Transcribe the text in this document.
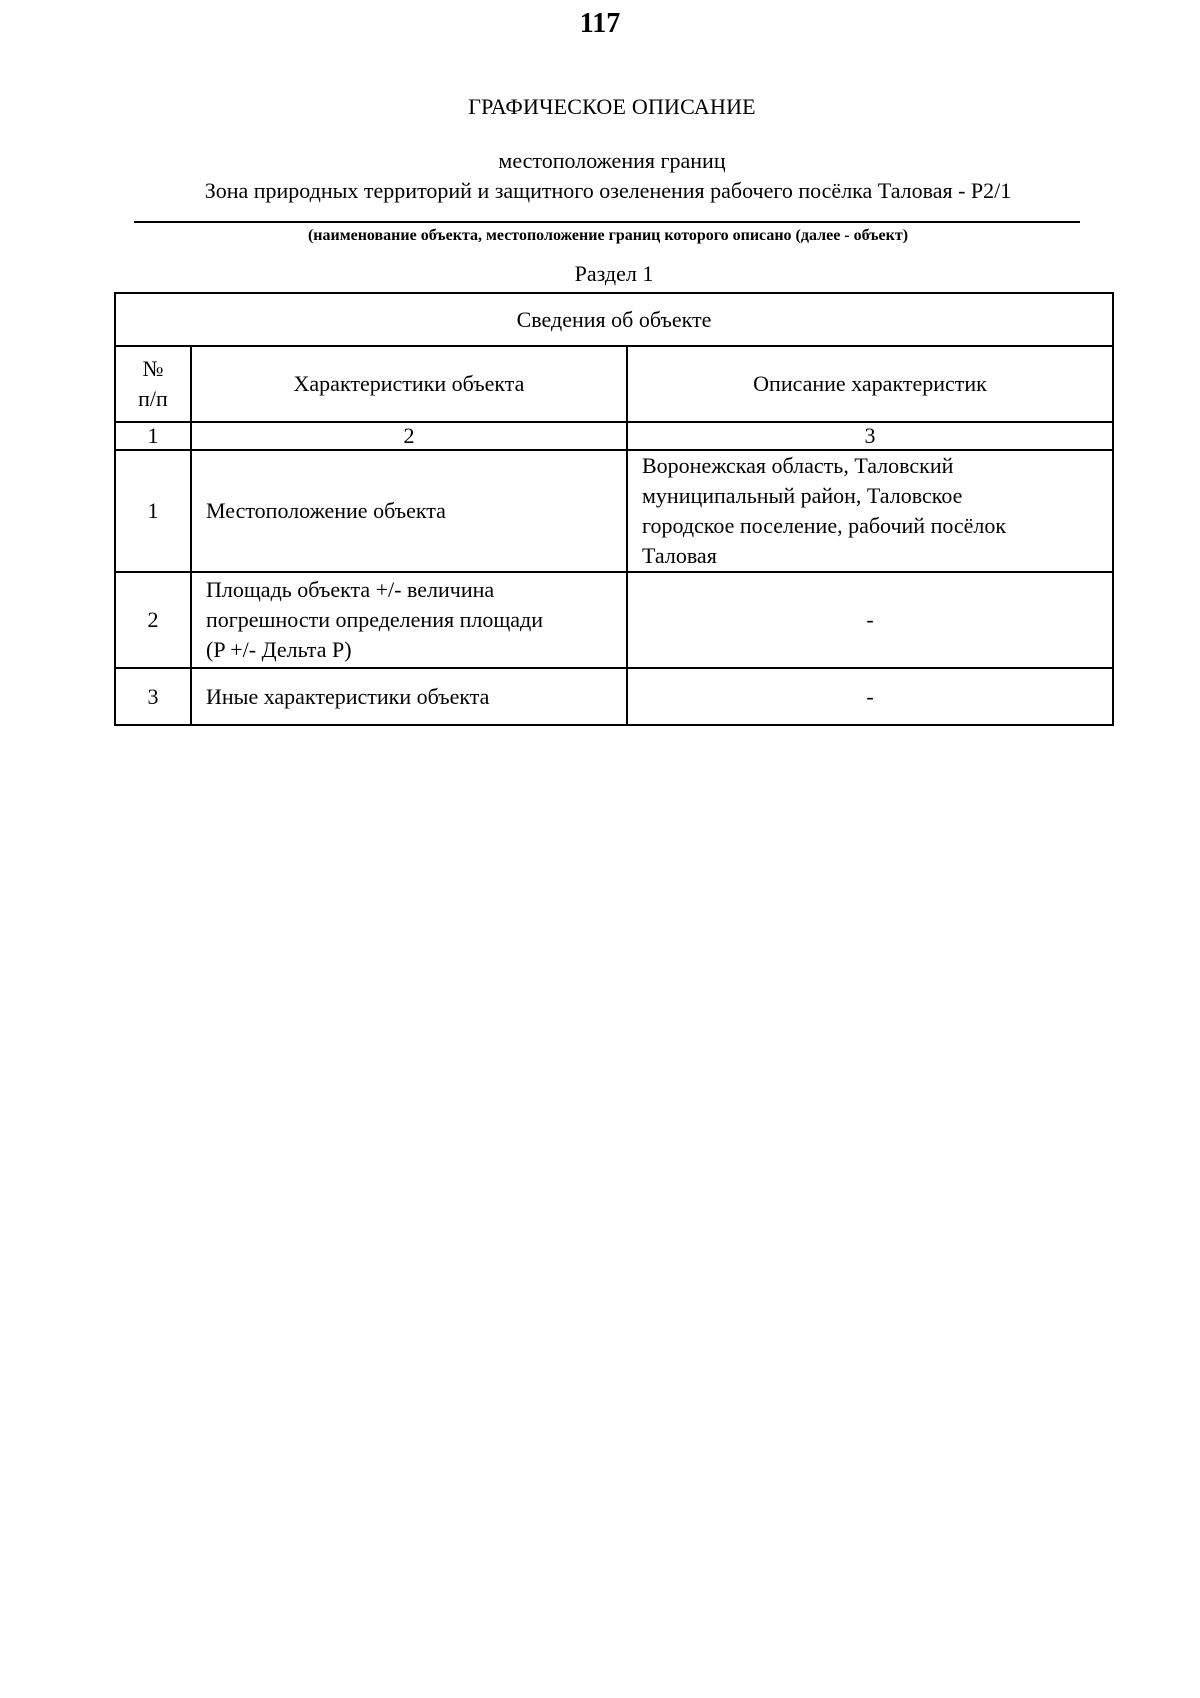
117
ГРАФИЧЕСКОЕ ОПИСАНИЕ
местоположения границ
Зона природных территорий и защитного озеленения рабочего посёлка Таловая - Р2/1
(наименование объекта, местоположение границ которого описано (далее - объект)
Раздел 1
Сведения об объекте		

№
п/п	Характеристики объекта	Описание характеристик
1	2	3
1	Местоположение объекта	Воронежская область, Таловский
муниципальный район, Таловское
городское поселение, рабочий посёлок
Таловая

2	Площадь объекта +/- величина
погрешности определения площади
(P +/- Дельта P)	-

3	Иные характеристики объекта	-
